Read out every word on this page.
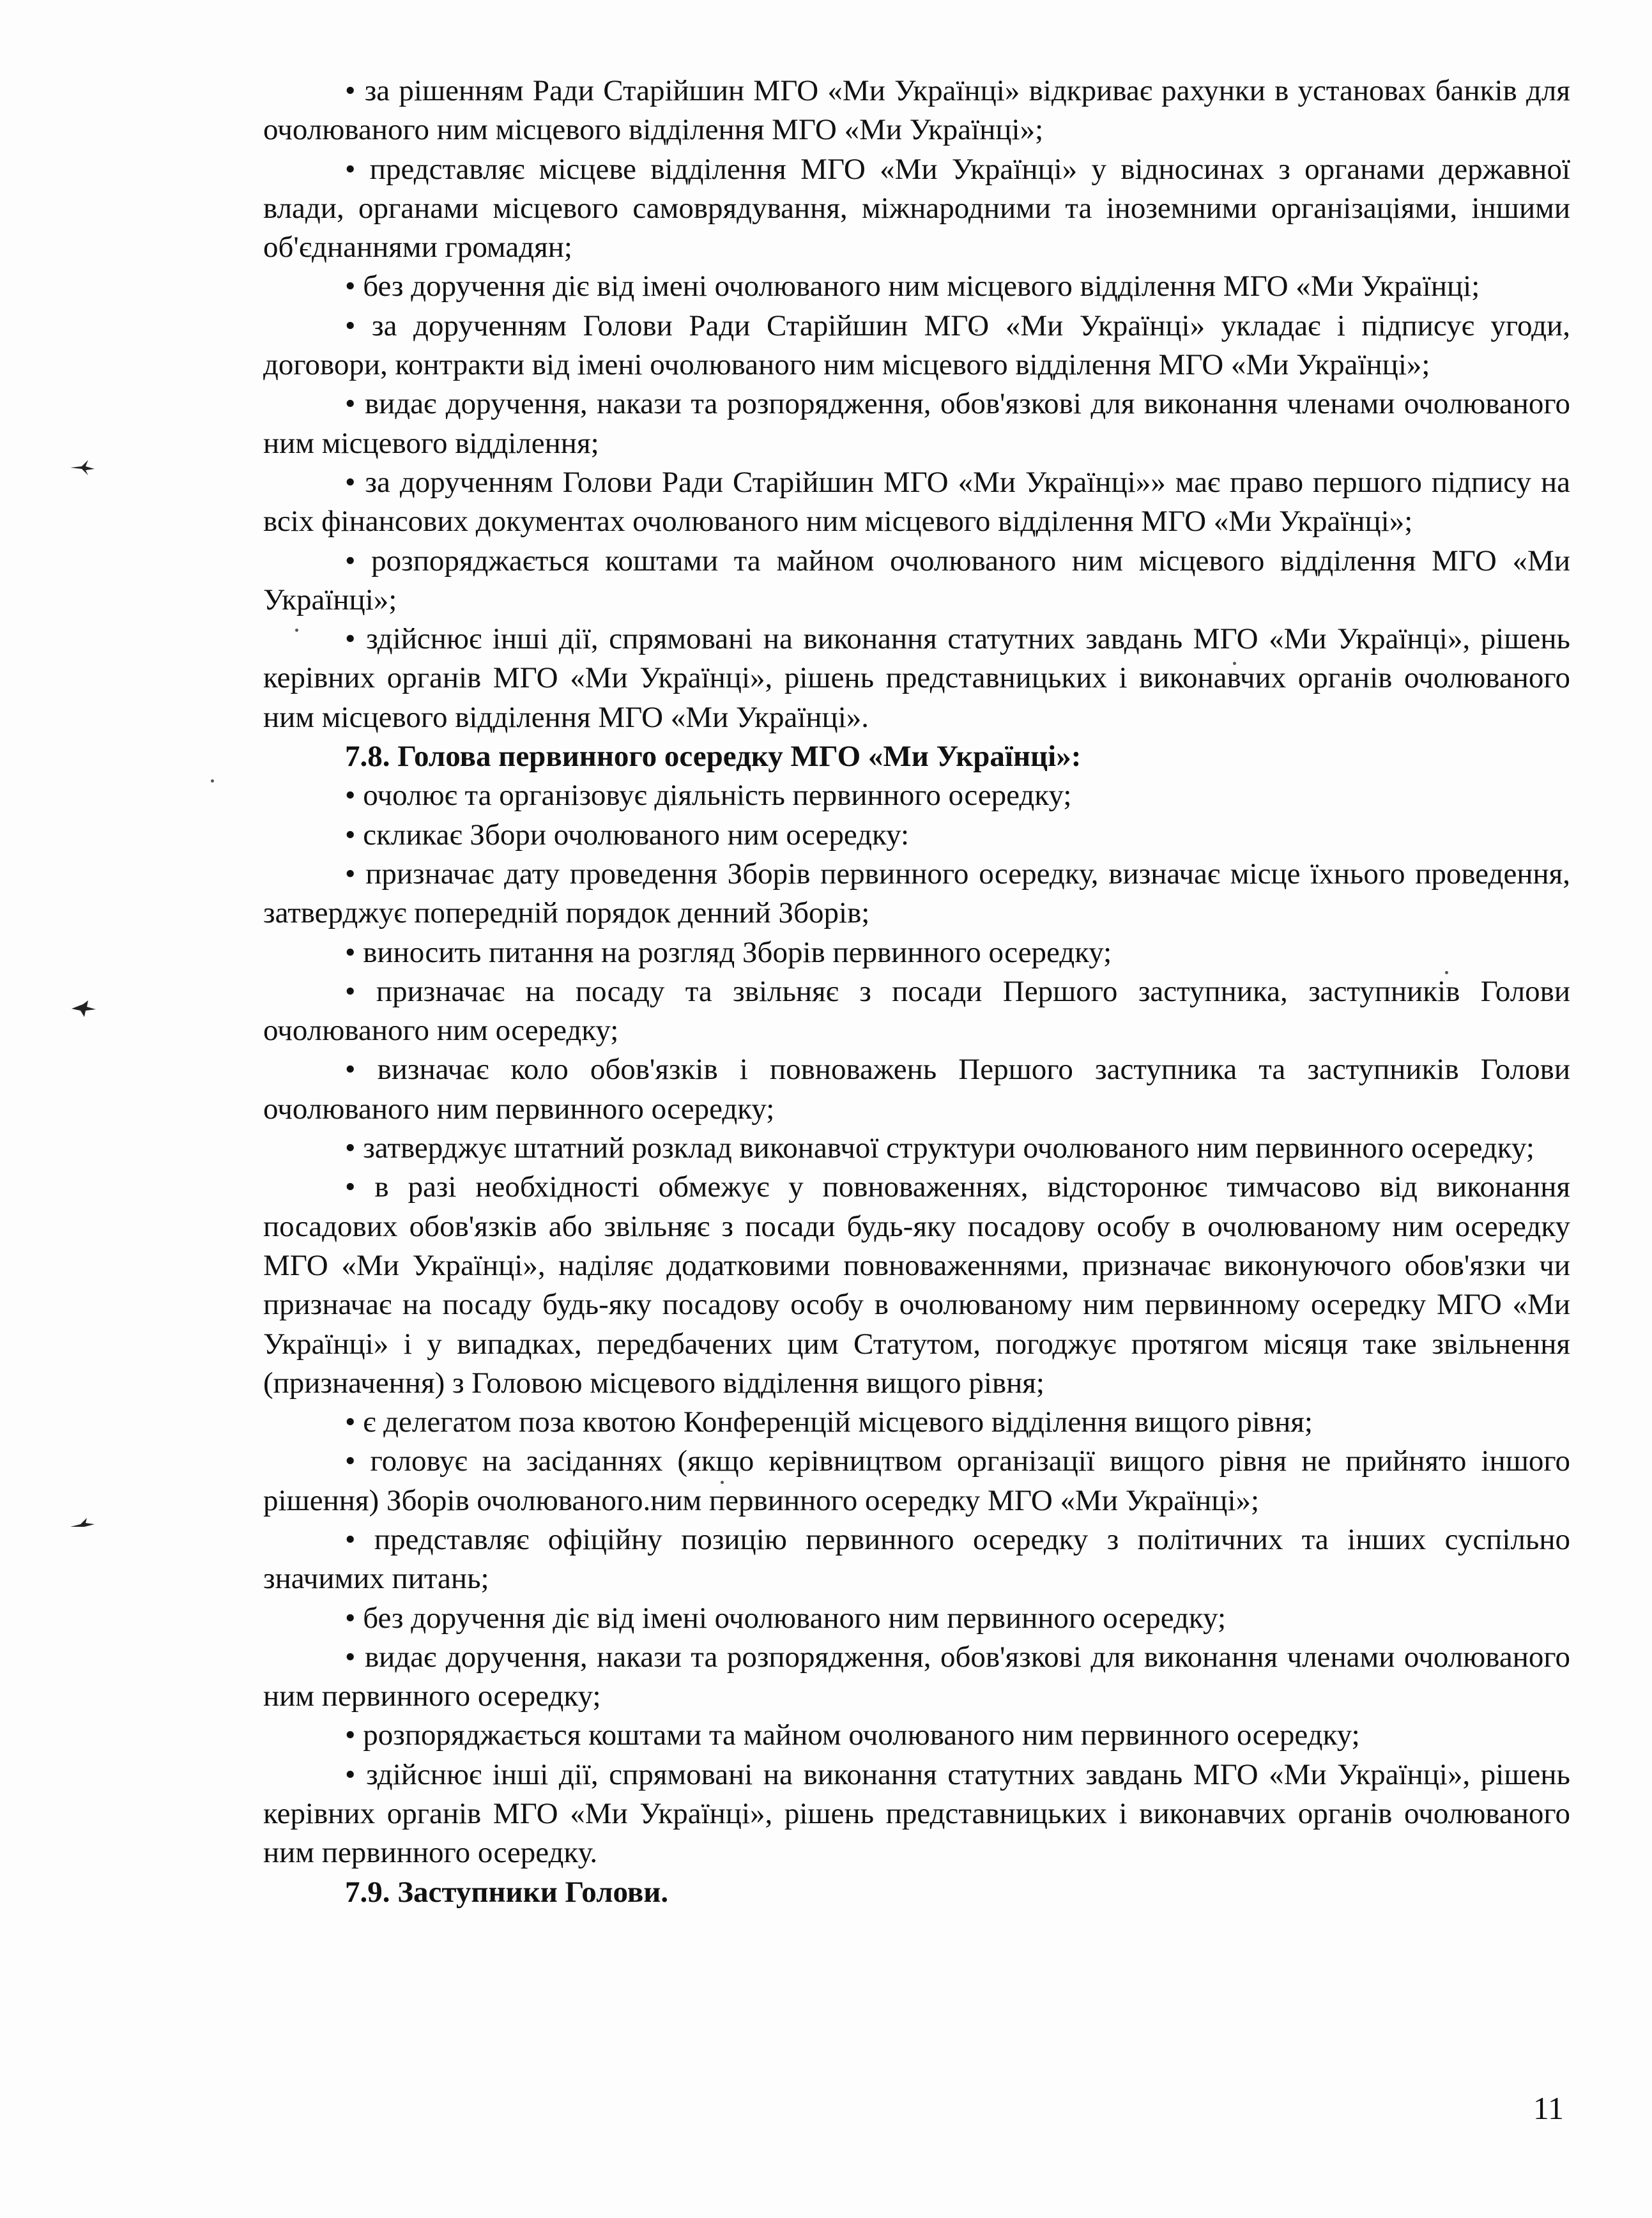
• за рішенням Ради Старійшин МГО «Ми Українці» відкриває рахунки в установах банків для очолюваного ним місцевого відділення МГО «Ми Українці»;

• представляє місцеве відділення МГО «Ми Українці» у відносинах з органами державної влади, органами місцевого самоврядування, міжнародними та іноземними організаціями, іншими об'єднаннями громадян;

• без доручення діє від імені очолюваного ним місцевого відділення МГО «Ми Українці;

• за дорученням Голови Ради Старійшин МГО «Ми Українці» укладає і підписує угоди, договори, контракти від імені очолюваного ним місцевого відділення МГО «Ми Українці»;

• видає доручення, накази та розпорядження, обов'язкові для виконання членами очолюваного ним місцевого відділення;

• за дорученням Голови Ради Старійшин МГО «Ми Українці»» має право першого підпису на всіх фінансових документах очолюваного ним місцевого відділення МГО «Ми Українці»;

• розпоряджається коштами та майном очолюваного ним місцевого відділення МГО «Ми Українці»;

• здійснює інші дії, спрямовані на виконання статутних завдань МГО «Ми Українці», рішень керівних органів МГО «Ми Українці», рішень представницьких і виконавчих органів очолюваного ним місцевого відділення МГО «Ми Українці».

7.8. Голова первинного осередку МГО «Ми Українці»:

• очолює та організовує діяльність первинного осередку;

• скликає Збори очолюваного ним осередку:

• призначає дату проведення Зборів первинного осередку, визначає місце їхнього проведення, затверджує попередній порядок денний Зборів;

• виносить питання на розгляд Зборів первинного осередку;

• призначає на посаду та звільняє з посади Першого заступника, заступників Голови очолюваного ним осередку;

• визначає коло обов'язків і повноважень Першого заступника та заступників Голови очолюваного ним первинного осередку;

• затверджує штатний розклад виконавчої структури очолюваного ним первинного осередку;

• в разі необхідності обмежує у повноваженнях, відсторонює тимчасово від виконання посадових обов'язків або звільняє з посади будь-яку посадову особу в очолюваному ним осередку МГО «Ми Українці», наділяє додатковими повноваженнями, призначає виконуючого обов'язки чи призначає на посаду будь-яку посадову особу в очолюваному ним первинному осередку МГО «Ми Українці» і у випадках, передбачених цим Статутом, погоджує протягом місяця таке звільнення (призначення) з Головою місцевого відділення вищого рівня;

• є делегатом поза квотою Конференцій місцевого відділення вищого рівня;

• головує на засіданнях (якщо керівництвом організації вищого рівня не прийнято іншого рішення) Зборів очолюваного.ним первинного осередку МГО «Ми Українці»;

• представляє офіційну позицію первинного осередку з політичних та інших суспільно значимих питань;

• без доручення діє від імені очолюваного ним первинного осередку;

• видає доручення, накази та розпорядження, обов'язкові для виконання членами очолюваного ним первинного осередку;

• розпоряджається коштами та майном очолюваного ним первинного осередку;

• здійснює інші дії, спрямовані на виконання статутних завдань МГО «Ми Українці», рішень керівних органів МГО «Ми Українці», рішень представницьких і виконавчих органів очолюваного ним первинного осередку.

7.9. Заступники Голови.

11
